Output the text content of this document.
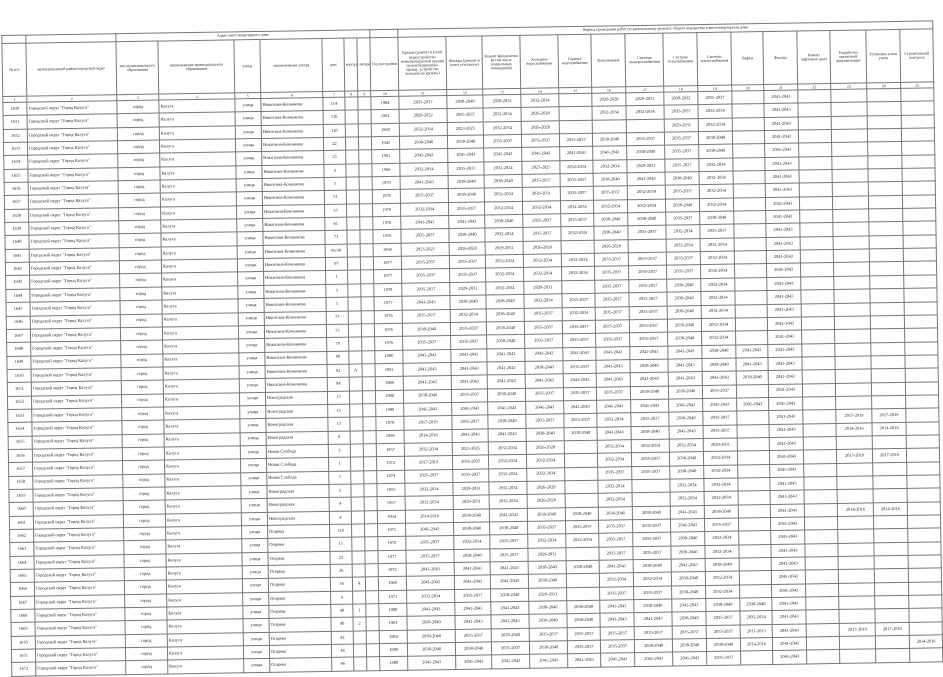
		Адрес многоквартирного дома								Период проведения работ по капитальному ремонту общего имущества в многоквартирном доме														
№ п/п	муниципальный район/городской округ	тип муниципального образования	наименование муниципального образования	улица	наименование улицы	дом	корпус	литера	Год постройки	Крыша (ремонт и (или) переустройство невентилируемой крыши на вентилируемую крышу, устройство выходов на кровлю)	Фасады (ремонт и (или) утепление)	Ремонт фундамента (в том числе подвальных помещений)	Холодное водоснабжение	Горячее водоснабжение	Канализация	Система электроснабжения	Система газоснабжения	Система теплоснабжения	Лифты	Фасады	Ремонт лифтовых шахт	Разработка проектной документации	Установка узлов учета	Строительный контроль
1	2	3	4	5	6	7	8	9	10	11	12	13	14	15	16	17	18	19	20	21	22	23	24	25
1630	Городской округ "Город Калуга"	город	Калуга	улица	Никитина-Конникова	114			1984	2035-2037	2038-2040	2030-2032	2032-2034		2026-2028	2029-2031	2030-2032	2035-2037		2041-2043				
1631	Городской округ "Город Калуга"	город	Калуга	улица	Никитина-Конникова	116			1961	2020-2022	2035-2037	2032-2034	2026-2028		2032-2034	2032-2034	2035-2037	2032-2034		2041-2043				
1632	Городской округ "Город Калуга"	город	Калуга	улица	Никитина-Конникова	118			1960	2032-2034	2023-2025	2032-2034	2026-2028				2029-2031	2032-2034		2041-2043				
1633	Городской округ "Город Калуга"	город	Калуга	улица	Никитина-Конникова	22			1945	2038-2040	2038-2040	2035-2037	2035-2037	2035-2037	2038-2040	2035-2037	2035-2037	2038-2040		2041-2043				
1634	Городской округ "Город Калуга"	город	Калуга	улица	Никитина-Конникова	25			1991	2041-2043	2041-2043	2041-2043	2041-2043	2041-2043	2041-2043	2038-2040	2035-2037	2038-2040		2041-2043				
1635	Городской округ "Город Калуга"	город	Калуга	улица	Никитина-Конникова	3			1960	2032-2034	2035-2037	2032-2034	2023-2025	2032-2034	2032-2034	2029-2031	2035-2037	2032-2034		2041-2043				
1636	Городской округ "Город Калуга"	город	Калуга	улица	Никитина-Конникова	5			1979	2041-2043	2038-2040	2038-2040	2035-2037	2035-2037	2038-2040	2041-2043	2038-2040	2032-2034		2041-2043				
1637	Городской округ "Город Калуга"	город	Калуга	улица	Никитина-Конникова	51			1978	2035-2037	2038-2040	2032-2034	2029-2031	2035-2037	2035-2037	2032-2034	2035-2037	2032-2034		2041-2043				
1638	Городской округ "Город Калуга"	город	Калуга	улица	Никитина-Конникова	57			1970	2032-2034	2035-2037	2032-2034	2032-2034	2032-2034	2032-2034	2032-2034	2038-2040	2032-2034		2041-2043				
1639	Городской округ "Город Калуга"	город	Калуга	улица	Никитина-Конникова	61			1976	2041-2043	2041-2043	2038-2040	2035-2037	2035-2037	2038-2040	2038-2040	2035-2037	2038-2040		2041-2043				
1640	Городской округ "Город Калуга"	город	Калуга	улица	Никитина-Конникова	73			1976	2035-2037	2038-2040	2032-2034	2035-2037	2032-2034	2038-2040	2035-2037	2032-2034	2035-2037		2041-2043				
1641	Городской округ "Город Калуга"	город	Калуга	улица	Никитина-Конникова	95/30			1958	2023-2025	2026-2028	2029-2031	2026-2028		2026-2028		2032-2034	2032-2034		2041-2043				
1642	Городской округ "Город Калуга"	город	Калуга	улица	Никитина-Конникова	97			1977	2035-2037	2035-2037	2032-2034	2032-2034	2032-2034	2035-2037	2035-2037	2035-2037	2032-2034		2041-2043				
1643	Городской округ "Город Калуга"	город	Калуга	улица	Никитина-Конникова	1			1977	2035-2037	2035-2037	2032-2034	2032-2014	2032-2034	2035-2037	2035-2037	2035-2037	2032-2034		2041-2043				
1644	Городской округ "Город Калуга"	город	Калуга	улица	Никитина-Конникова	3			1978	2035-2037	2029-2031	2032-2034	2029-2031		2035-2037	2035-2037	2038-2040	2032-2034		2041-2043				
1645	Городской округ "Город Калуга"	город	Калуга	улица	Никитина-Конникова	5			1977	2041-2043	2038-2040	2038-2040	2032-2034	2035-2037	2035-2037	2035-2037	2038-2040	2032-2034		2041-2043				
1646	Городской округ "Город Калуга"	город	Калуга	улица	Никитина-Конникова	73			1976	2035-2037	2032-2034	2038-2040	2035-2037	2032-2034	2035-2037	2035-2037	2038-2040	2032-2034		2041-2043				
1647	Городской округ "Город Калуга"	город	Калуга	улица	Никитина-Конникова	75			1976	2038-2040	2035-2037	2038-2040	2035-2037	2035-2037	2035-2037	2035-2037	2038-2040	2032-2034		2041-2043				
1648	Городской округ "Город Калуга"	город	Калуга	улица	Никитина-Конникова	79			1976	2035-2037	2035-2037	2038-2040	2035-2037	2035-2037	2035-2037	2035-2037	2038-2040	2032-2034		2041-2043				
1649	Городской округ "Город Калуга"	город	Калуга	улица	Никитина-Конникова	90			1980	2041-2043	2041-2043	2041-2043	2041-2043	2041-2043	2041-2043	2041-2043	2041-2043	2038-2040	2041-2043	2041-2043				
1650	Городской округ "Город Калуга"	город	Калуга	улица	Никитина-Конникова	92	А		1991	2041-2043	2041-2043	2041-2043	2038-2040	2035-2037	2041-2043	2038-2040	2041-2043	2038-2040	2041-2043	2041-2043				
1651	Городской округ "Город Калуга"	город	Калуга	улица	Никитина-Конникова	94			1988	2041-2043	2041-2043	2041-2043	2041-2043	2041-2043	2041-2043	2041-2043	2041-2043	2041-2043	2038-2040	2041-2043				
1652	Городской округ "Город Калуга"	город	Калуга	улица	Новоградская	13			1988	2038-2040	2035-2037	2038-2040	2035-2037	2035-2037	2035-2037	2038-2040	2038-2040	2035-2037		2041-2043				
1653	Городской округ "Город Калуга"	город	Калуга	улица	Новоградская	15			1989	2041-2043	2041-2043	2041-2043	2041-2043	2041-2043	2041-2043	2041-2043	2041-2043	2041-2043	2041-2043	2041-2043				
1654	Городской округ "Город Калуга"	город	Калуга	улица	Новоградская	13			1978	2017-2019	2035-2037	2038-2040	2035-2037	2035-2037	2032-2034	2035-2037	2038-2040	2035-2037		2041-2043		2017-2019	2017-2019	
1655	Городской округ "Город Калуга"	город	Калуга	улица	Новоградская	6			1996	2014-2016	2041-2043	2041-2043	2038-2040	2038-2040	2041-2043	2038-2040	2041-2043	2035-2037		2041-2043		2014-2016	2014-2016	
1656	Городской округ "Город Калуга"	город	Калуга	улица	Новая Слобода	3			1957	2032-2034	2023-2025	2032-2034	2026-2028		2032-2034	2032-2034	2032-2034	2029-2031		2041-2043				
1657	Городской округ "Город Калуга"	город	Калуга	улица	Новая Слобода	1			1972	2017-2019	2035-2037	2032-2034	2032-2034		2032-2034	2035-2037	2038-2040	2032-2034		2041-2043		2017-2019	2017-2019	
1658	Городской округ "Город Калуга"	город	Калуга	улица	Новая Слобода	3			1974	2035-2037	2035-2037	2032-2034	2032-2034		2035-2037	2035-2037	2038-2040	2032-2034		2041-2043				
1659	Городской округ "Город Калуга"	город	Калуга	улица	Новоградская	5			1955	2032-2034	2029-2031	2032-2034	2026-2028		2032-2034		2032-2034	2032-2034		2041-2043				
1660	Городской округ "Город Калуга"	город	Калуга	улица	Новоградская	4			1957	2032-2034	2029-2031	2032-2034	2026-2028		2032-2034		2032-2034	2032-2034		2041-2043				
1661	Городской округ "Город Калуга"	город	Калуга	улица	Новоградская	4			1994	2014-2016	2038-2040	2041-2043	2038-2040	2038-2040	2038-2040	2038-2040	2041-2043	2038-2040		2041-2043		2014-2016	2014-2016	
1662	Городской округ "Город Калуга"	город	Калуга	улица	Огарева	118			1971	2041-2043	2038-2040	2038-2040	2035-2037	2035-2037	2035-2037	2035-2037	2041-2043	2035-2037		2041-2043				
1663	Городской округ "Город Калуга"	город	Калуга	улица	Огарева	15			1976	2035-2037	2032-2034	2035-2037	2032-2034	2032-2034	2035-2037	2035-2037	2038-2040	2032-2034		2041-2043				
1664	Городской округ "Город Калуга"	город	Калуга	улица	Огарева	22			1977	2035-2037	2038-2040	2035-2037	2029-2031		2035-2037	2035-2037	2038-2040	2032-2034		2041-2043				
1665	Городской округ "Город Калуга"	город	Калуга	улица	Огарева	26			1972	2041-2043	2041-2043	2041-2043	2038-2040	2038-2040	2041-2043	2038-2040	2041-2043	2038-2040		2041-2043				
1666	Городской округ "Город Калуга"	город	Калуга	улица	Огарева	34	А		1960	2041-2043	2041-2043	2041-2043	2038-2040		2032-2034	2032-2034	2038-2040	2032-2034		2041-2043				
1667	Городской округ "Город Калуга"	город	Калуга	улица	Огарева	4			1971	2032-2034	2035-2037	2038-2040	2029-2031		2035-2037	2035-2037	2038-2040	2032-2034		2041-2043				
1668	Городской округ "Город Калуга"	город	Калуга	улица	Огарева	40	1		1980	2041-2043	2041-2043	2041-2043	2038-2040	2038-2040	2041-2043	2038-2040	2041-2043	2038-2040	2038-2040	2041-2043				
1669	Городской округ "Город Калуга"	город	Калуга	улица	Огарева	40	2		1981	2038-2040	2041-2043	2041-2043	2038-2040	2038-2040	2041-2043	2041-2043	2038-2040	2035-2037	2032-2034	2041-2043				
1670	Городской округ "Город Калуга"	город	Калуга	улица	Огарева	42			1984	2038-2040	2035-2037	2038-2040	2035-2037	2035-2037	2035-2037	2035-2037	2035-2037	2035-2037	2011-2013	2041-2043		2017-2019	2017-2019	
1671	Городской округ "Город Калуга"	город	Калуга	улица	Огарева	44			1980	2038-2040	2038-2040	2035-2037	2038-2040	2035-2037	2035-2037	2038-2040	2038-2040	2038-2040	2014-2016	2041-2043				2014-2016
1672	Городской округ "Город Калуга"	город	Калуга	улица	Огарева	46			1980	2041-2043	2041-2043	2041-2043	2041-2043	2041-2043	2041-2043	2041-2043	2041-2043	2035-2037		2041-2043				
